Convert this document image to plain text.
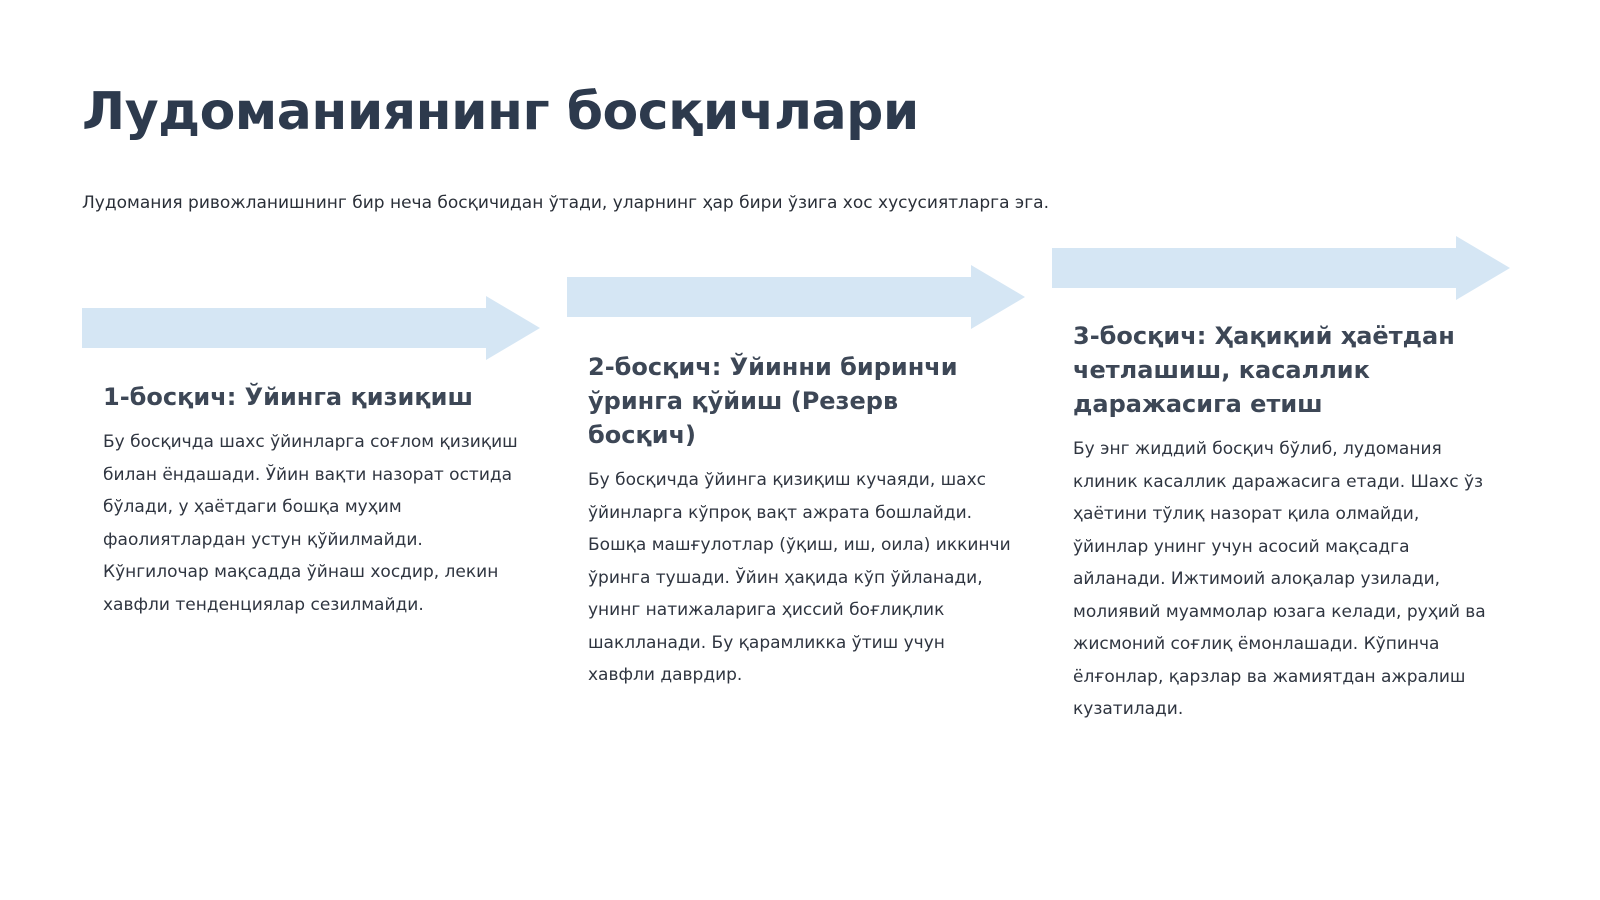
Лудоманиянинг босқичлари

Лудомания ривожланишнинг бир неча босқичидан ўтади, уларнинг ҳар бири ўзига хос хусусиятларга эга.

1-босқич: Ўйинга қизиқиш

Бу босқичда шахс ўйинларга соғлом қизиқиш билан ёндашади. Ўйин вақти назорат остида бўлади, у ҳаётдаги бошқа муҳим фаолиятлардан устун қўйилмайди. Кўнгилочар мақсадда ўйнаш хосдир, лекин хавфли тенденциялар сезилмайди.

2-босқич: Ўйинни биринчи ўринга қўйиш (Резерв босқич)

Бу босқичда ўйинга қизиқиш кучаяди, шахс ўйинларга кўпроқ вақт ажрата бошлайди. Бошқа машғулотлар (ўқиш, иш, оила) иккинчи ўринга тушади. Ўйин ҳақида кўп ўйланади, унинг натижаларига ҳиссий боғлиқлик шаклланади. Бу қарамликка ўтиш учун хавфли даврдир.

3-босқич: Ҳақиқий ҳаётдан четлашиш, касаллик даражасига етиш

Бу энг жиддий босқич бўлиб, лудомания клиник касаллик даражасига етади. Шахс ўз ҳаётини тўлиқ назорат қила олмайди, ўйинлар унинг учун асосий мақсадга айланади. Ижтимоий алоқалар узилади, молиявий муаммолар юзага келади, руҳий ва жисмоний соғлиқ ёмонлашади. Кўпинча ёлғонлар, қарзлар ва жамиятдан ажралиш кузатилади.
